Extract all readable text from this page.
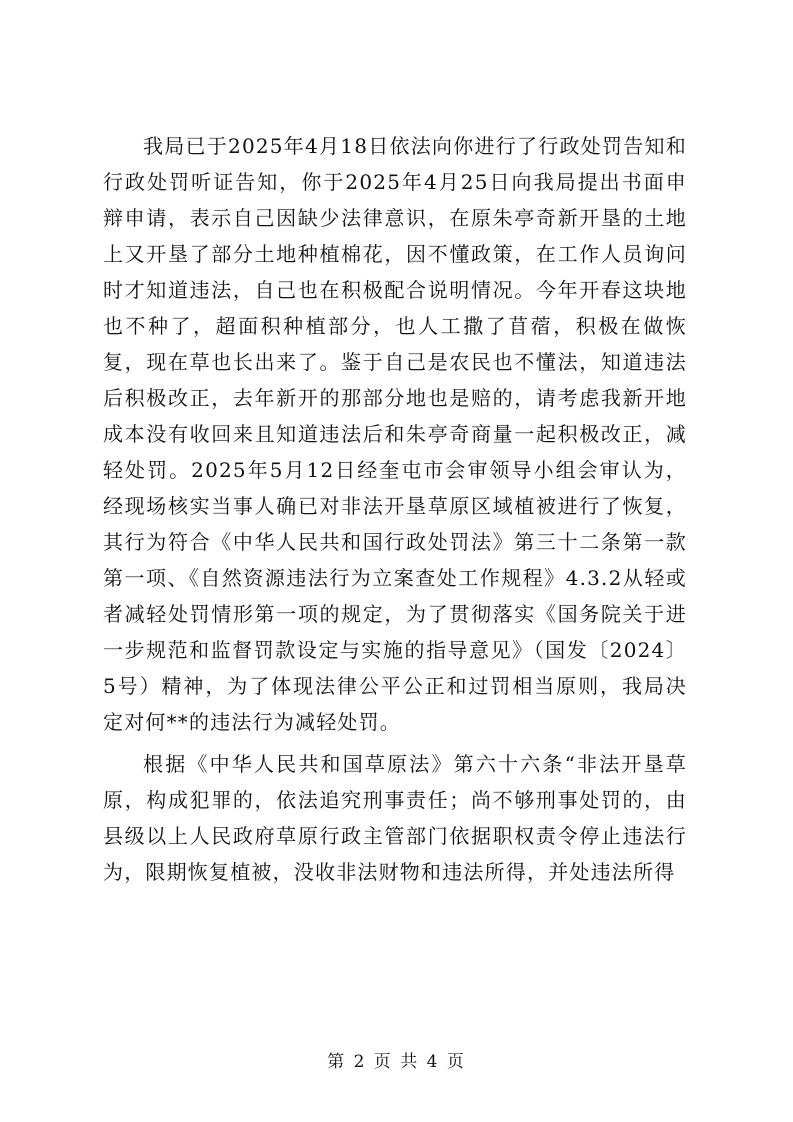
我局已于2025年4月18日依法向你进行了行政处罚告知和行政处罚听证告知，你于2025年4月25日向我局提出书面申辩申请，表示自己因缺少法律意识，在原朱亭奇新开垦的土地上又开垦了部分土地种植棉花，因不懂政策，在工作人员询问时才知道违法，自己也在积极配合说明情况。今年开春这块地也不种了，超面积种植部分，也人工撒了苜蓿，积极在做恢复，现在草也长出来了。鉴于自己是农民也不懂法，知道违法后积极改正，去年新开的那部分地也是赔的，请考虑我新开地成本没有收回来且知道违法后和朱亭奇商量一起积极改正，减轻处罚。2025年5月12日经奎屯市会审领导小组会审认为，经现场核实当事人确已对非法开垦草原区域植被进行了恢复，其行为符合《中华人民共和国行政处罚法》第三十二条第一款第一项、《自然资源违法行为立案查处工作规程》4.3.2从轻或者减轻处罚情形第一项的规定，为了贯彻落实《国务院关于进一步规范和监督罚款设定与实施的指导意见》（国发〔2024〕5号）精神，为了体现法律公平公正和过罚相当原则，我局决定对何**的违法行为减轻处罚。

根据《中华人民共和国草原法》第六十六条“非法开垦草原，构成犯罪的，依法追究刑事责任；尚不够刑事处罚的，由县级以上人民政府草原行政主管部门依据职权责令停止违法行为，限期恢复植被，没收非法财物和违法所得，并处违法所得

第 2 页 共 4 页
